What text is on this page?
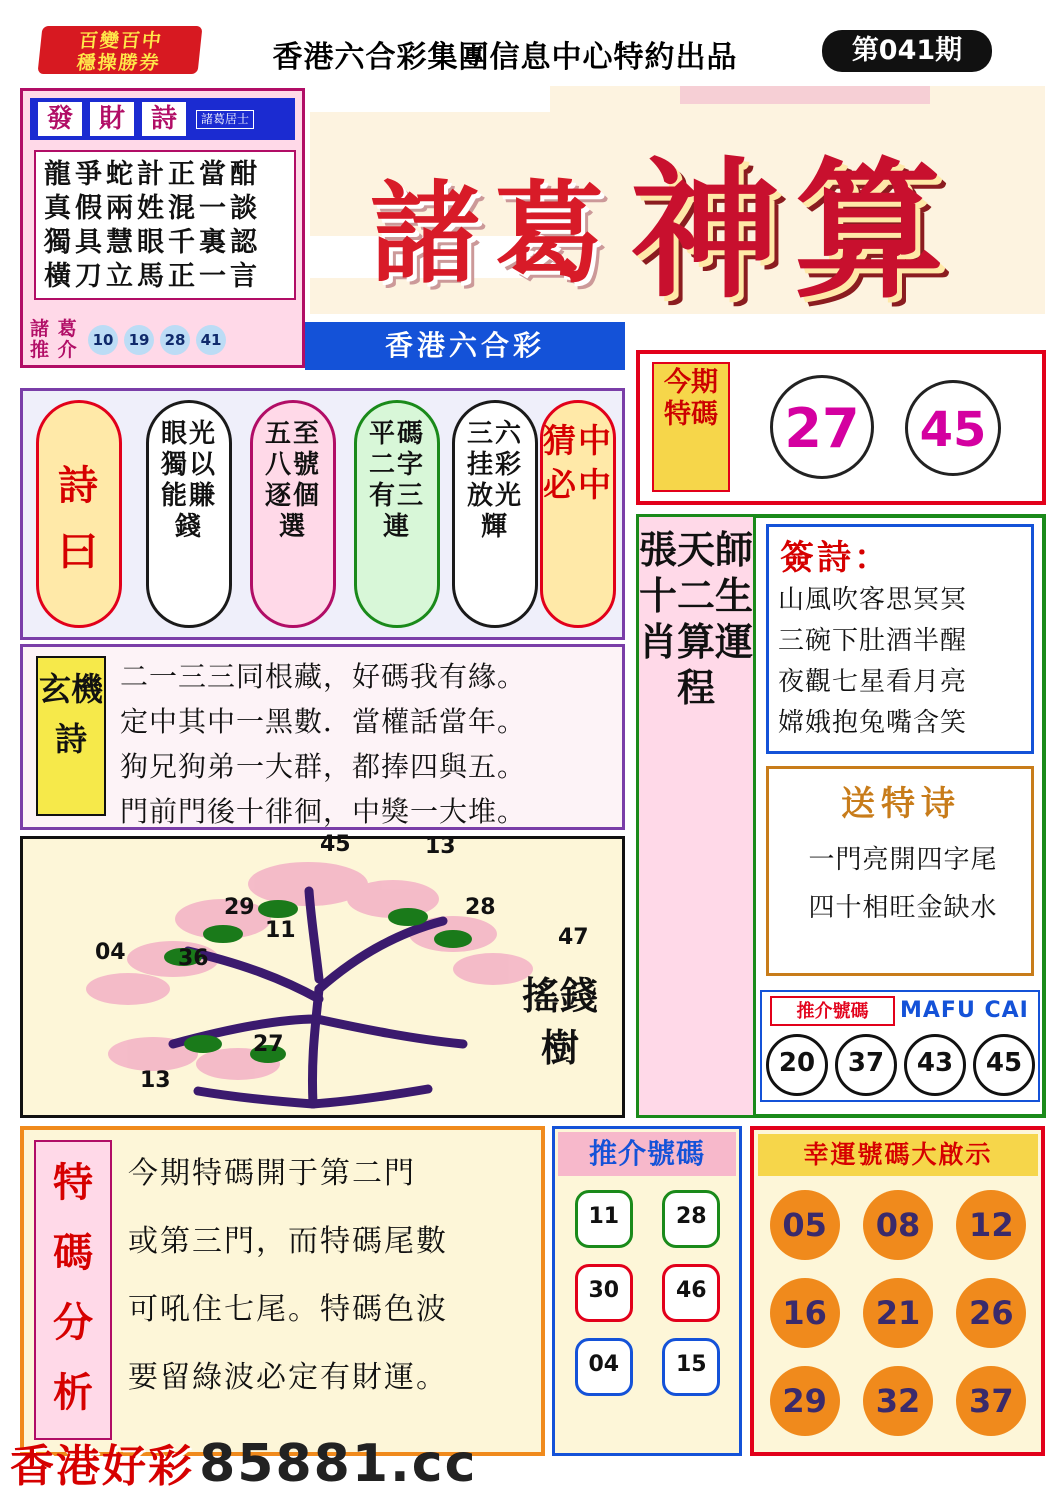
百變百中
穩操勝券	香港六合彩集團信息中心特約出品	第041期
發 財 詩	諸葛居士
龍爭蛇計正當酣
真假兩姓混一談
獨具慧眼千裏認
橫刀立馬正一言
諸 葛
推 介 10	19	28	41
諸葛 神算
香港六合彩
今期特碼 27	45
詩曰
眼光獨以能賺錢
五至八號逐個選
平碼二字有三連
三六挂彩放光輝
猜中必中
玄機詩
二一三三同根藏，好碼我有緣。
定中其中一黑數．當權話當年。
狗兄狗弟一大群，都捧四與五。
門前門後十徘徊，中獎一大堆。
45	13
29	28
11	47
04 36
27
13
搖錢樹
張天師十二生肖算運程
簽詩：
山風吹客思冥冥
三碗下肚酒半醒
夜觀七星看月亮
嫦娥抱兔嘴含笑
送特诗
一門亮開四字尾
四十相旺金缺水
推介號碼	MAFU CAI
20	37	43	45
特碼分析
今期特碼開于第二門
或第三門，而特碼尾數
可吼住七尾。特碼色波
要留綠波必定有財運。
推介號碼
11	28
30	46
04	15
幸運號碼大啟示
05	08	12
16	21	26
29	32	37
香港好彩 85881.cc
